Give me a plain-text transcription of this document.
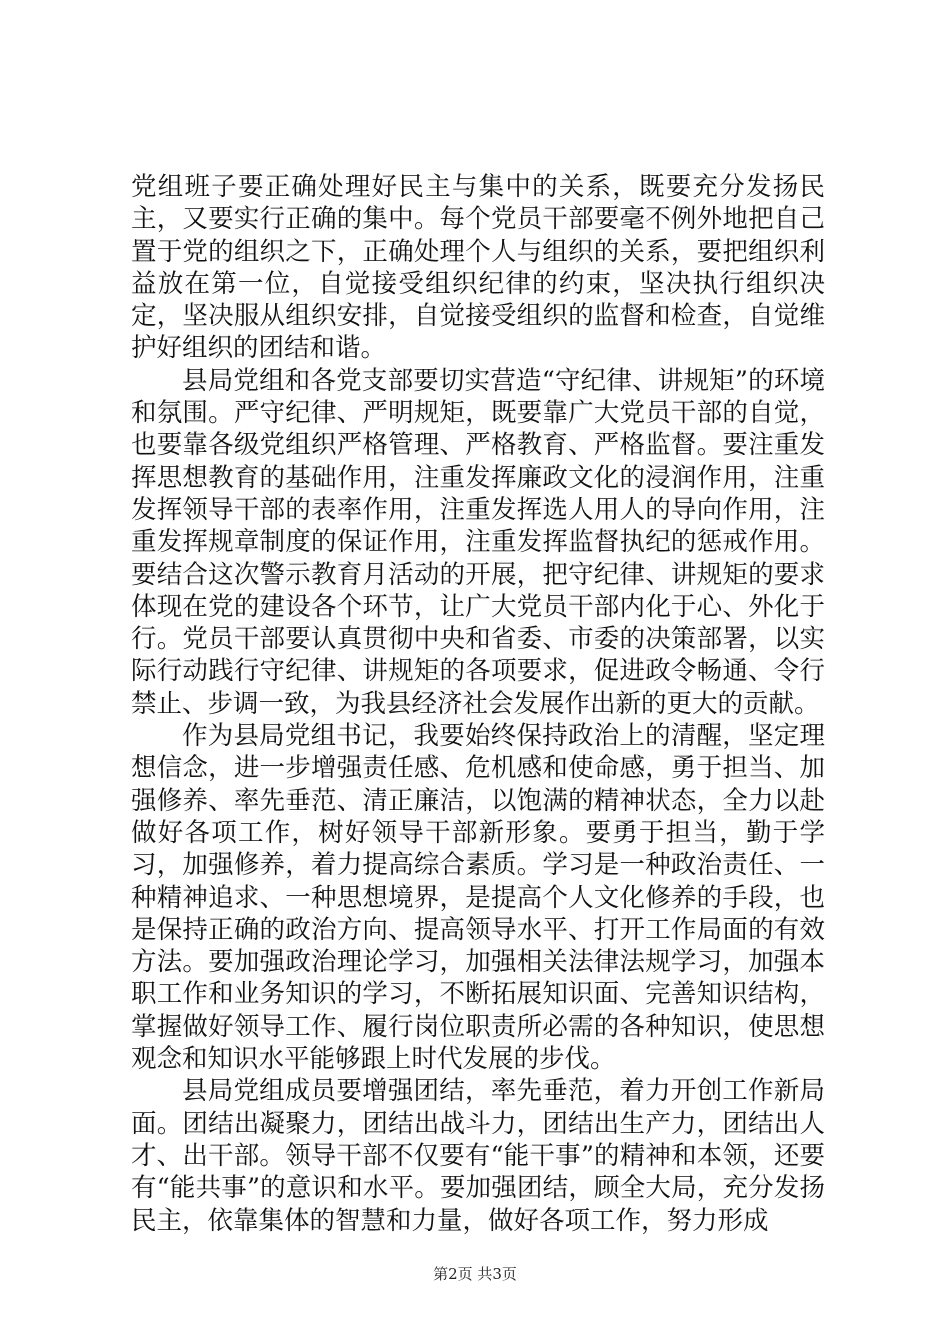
党组班子要正确处理好民主与集中的关系，既要充分发扬民主，又要实行正确的集中。每个党员干部要毫不例外地把自己置于党的组织之下，正确处理个人与组织的关系，要把组织利益放在第一位，自觉接受组织纪律的约束，坚决执行组织决定，坚决服从组织安排，自觉接受组织的监督和检查，自觉维护好组织的团结和谐。

县局党组和各党支部要切实营造“守纪律、讲规矩”的环境和氛围。严守纪律、严明规矩，既要靠广大党员干部的自觉，也要靠各级党组织严格管理、严格教育、严格监督。要注重发挥思想教育的基础作用，注重发挥廉政文化的浸润作用，注重发挥领导干部的表率作用，注重发挥选人用人的导向作用，注重发挥规章制度的保证作用，注重发挥监督执纪的惩戒作用。要结合这次警示教育月活动的开展，把守纪律、讲规矩的要求体现在党的建设各个环节，让广大党员干部内化于心、外化于行。党员干部要认真贯彻中央和省委、市委的决策部署，以实际行动践行守纪律、讲规矩的各项要求，促进政令畅通、令行禁止、步调一致，为我县经济社会发展作出新的更大的贡献。

作为县局党组书记，我要始终保持政治上的清醒，坚定理想信念，进一步增强责任感、危机感和使命感，勇于担当、加强修养、率先垂范、清正廉洁，以饱满的精神状态，全力以赴做好各项工作，树好领导干部新形象。要勇于担当，勤于学习，加强修养，着力提高综合素质。学习是一种政治责任、一种精神追求、一种思想境界，是提高个人文化修养的手段，也是保持正确的政治方向、提高领导水平、打开工作局面的有效方法。要加强政治理论学习，加强相关法律法规学习，加强本职工作和业务知识的学习，不断拓展知识面、完善知识结构，掌握做好领导工作、履行岗位职责所必需的各种知识，使思想观念和知识水平能够跟上时代发展的步伐。

县局党组成员要增强团结，率先垂范，着力开创工作新局面。团结出凝聚力，团结出战斗力，团结出生产力，团结出人才、出干部。领导干部不仅要有“能干事”的精神和本领，还要有“能共事”的意识和水平。要加强团结，顾全大局，充分发扬民主，依靠集体的智慧和力量，做好各项工作，努力形成

第2页 共3页
